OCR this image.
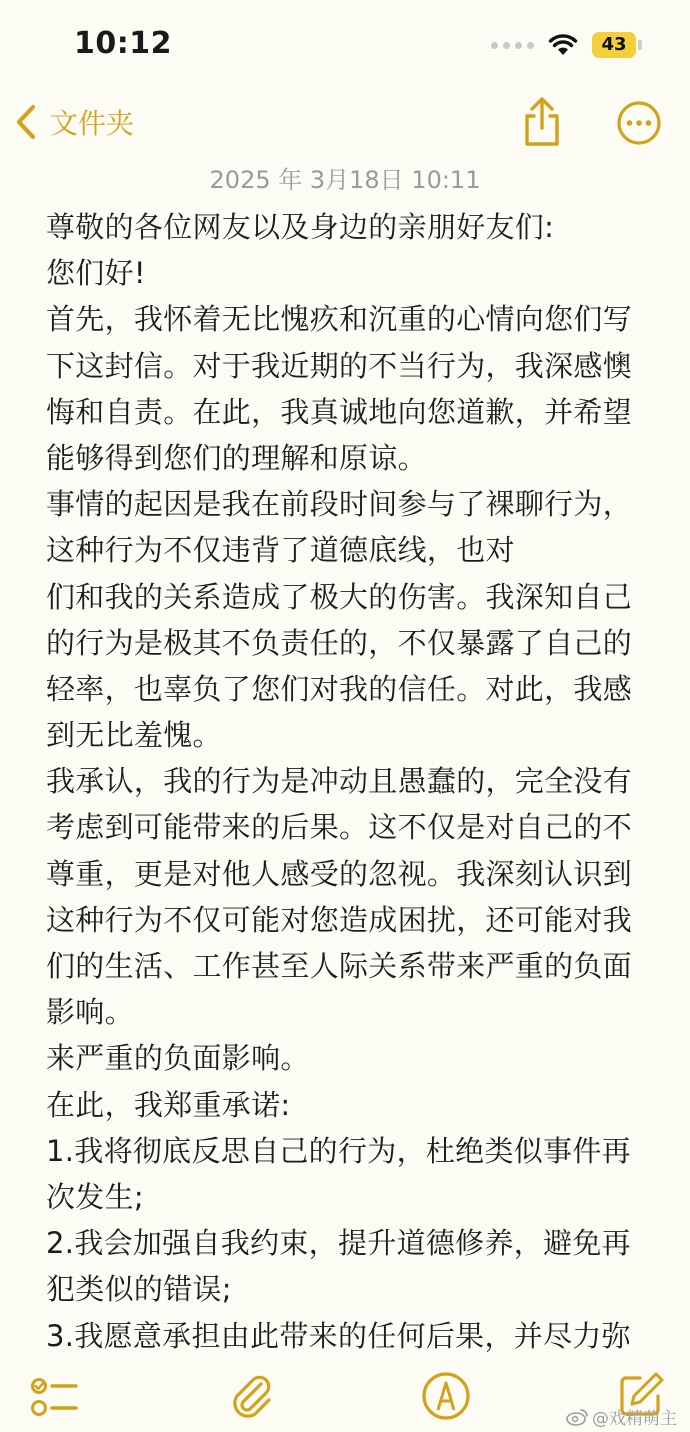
10:12	43
文件夹
2025 年 3月18日 10:11
尊敬的各位网友以及身边的亲朋好友们:
您们好!
首先，我怀着无比愧疚和沉重的心情向您们写
下这封信。对于我近期的不当行为，我深感懊
悔和自责。在此，我真诚地向您道歉，并希望
能够得到您们的理解和原谅。
事情的起因是我在前段时间参与了裸聊行为，
这种行为不仅违背了道德底线，也对
们和我的关系造成了极大的伤害。我深知自己
的行为是极其不负责任的，不仅暴露了自己的
轻率，也辜负了您们对我的信任。对此，我感
到无比羞愧。
我承认，我的行为是冲动且愚蠢的，完全没有
考虑到可能带来的后果。这不仅是对自己的不
尊重，更是对他人感受的忽视。我深刻认识到
这种行为不仅可能对您造成困扰，还可能对我
们的生活、工作甚至人际关系带来严重的负面
影响。
来严重的负面影响。
在此，我郑重承诺:
1.我将彻底反思自己的行为，杜绝类似事件再
次发生;
2.我会加强自我约束，提升道德修养，避免再
犯类似的错误;
3.我愿意承担由此带来的任何后果，并尽力弥
@戏精萌主
